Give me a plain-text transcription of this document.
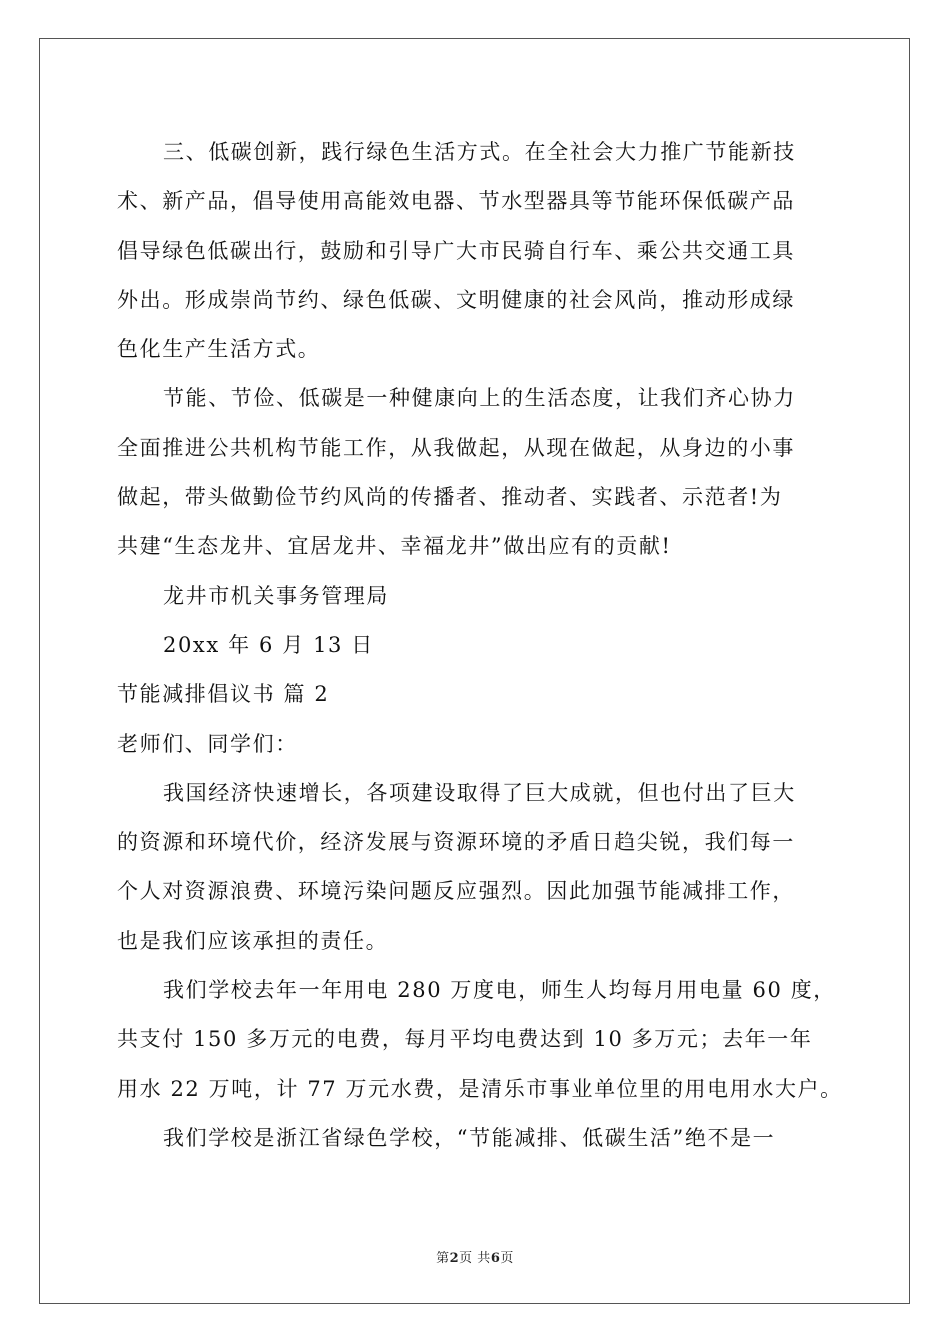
三、低碳创新，践行绿色生活方式。在全社会大力推广节能新技
术、新产品，倡导使用高能效电器、节水型器具等节能环保低碳产品
倡导绿色低碳出行，鼓励和引导广大市民骑自行车、乘公共交通工具
外出。形成崇尚节约、绿色低碳、文明健康的社会风尚，推动形成绿
色化生产生活方式。
节能、节俭、低碳是一种健康向上的生活态度，让我们齐心协力
全面推进公共机构节能工作，从我做起，从现在做起，从身边的小事
做起，带头做勤俭节约风尚的传播者、推动者、实践者、示范者!为
共建“生态龙井、宜居龙井、幸福龙井”做出应有的贡献!
龙井市机关事务管理局
20xx 年 6 月 13 日
节能减排倡议书 篇 2
老师们、同学们：
我国经济快速增长，各项建设取得了巨大成就，但也付出了巨大
的资源和环境代价，经济发展与资源环境的矛盾日趋尖锐，我们每一
个人对资源浪费、环境污染问题反应强烈。因此加强节能减排工作，
也是我们应该承担的责任。
我们学校去年一年用电 280 万度电，师生人均每月用电量 60 度，
共支付 150 多万元的电费，每月平均电费达到 10 多万元；去年一年
用水 22 万吨，计 77 万元水费，是清乐市事业单位里的用电用水大户。
我们学校是浙江省绿色学校，“节能减排、低碳生活”绝不是一
第2页 共6页
